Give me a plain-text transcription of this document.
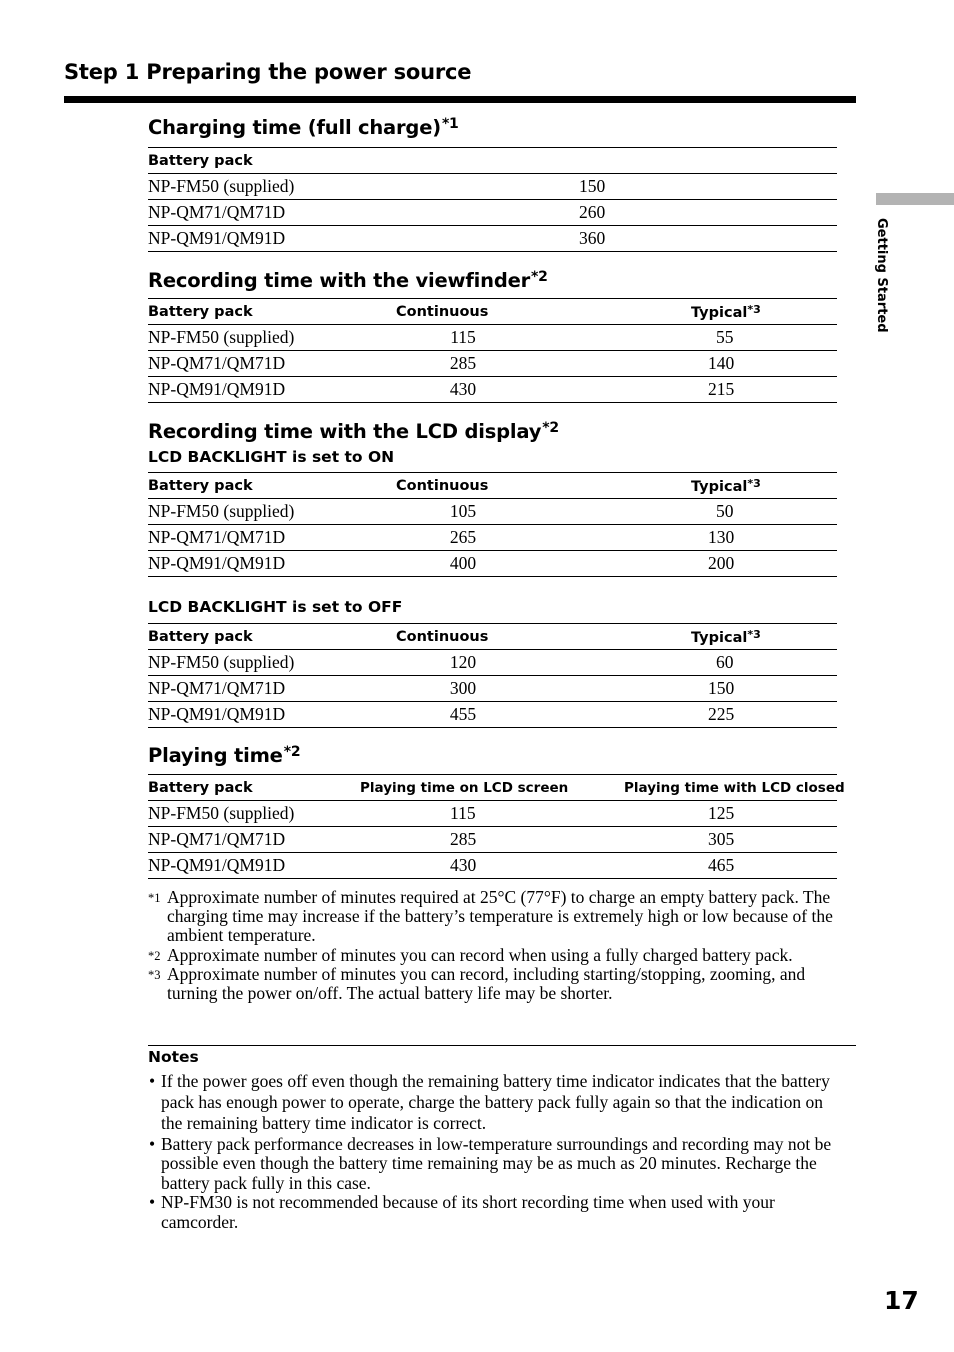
Step 1 Preparing the power source
Getting Started
Charging time (full charge)$^{*1}$
Battery pack	
NP-FM50 (supplied)	150
NP-QM71/QM71D	260
NP-QM91/QM91D	360
Recording time with the viewfinder$^{*2}$
Battery pack	Continuous	Typical$^{*3}$
NP-FM50 (supplied)	115	55
NP-QM71/QM71D	285	140
NP-QM91/QM91D	430	215
Recording time with the LCD display$^{*2}$
LCD BACKLIGHT is set to ON
Battery pack	Continuous	Typical$^{*3}$
NP-FM50 (supplied)	105	50
NP-QM71/QM71D	265	130
NP-QM91/QM91D	400	200
LCD BACKLIGHT is set to OFF
Battery pack	Continuous	Typical$^{*3}$
NP-FM50 (supplied)	120	60
NP-QM71/QM71D	300	150
NP-QM91/QM91D	455	225
Playing time$^{*2}$
Battery pack	Playing time on LCD screen	Playing time with LCD closed
NP-FM50 (supplied)	115	125
NP-QM71/QM71D	285	305
NP-QM91/QM91D	430	465
*1 Approximate number of minutes required at 25°C (77°F) to charge an empty battery pack. The charging time may increase if the battery’s temperature is extremely high or low because of the ambient temperature.
*2 Approximate number of minutes you can record when using a fully charged battery pack.
*3 Approximate number of minutes you can record, including starting/stopping, zooming, and turning the power on/off. The actual battery life may be shorter.
Notes
• If the power goes off even though the remaining battery time indicator indicates that the battery pack has enough power to operate, charge the battery pack fully again so that the indication on the remaining battery time indicator is correct.
• Battery pack performance decreases in low-temperature surroundings and recording may not be possible even though the battery time remaining may be as much as 20 minutes. Recharge the battery pack fully in this case.
• NP-FM30 is not recommended because of its short recording time when used with your camcorder.
17
